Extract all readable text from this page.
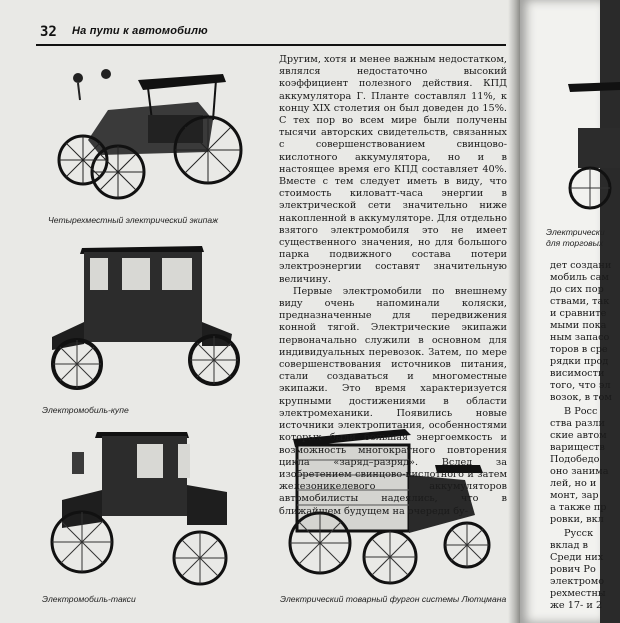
32 На пути к автомобилю
Четырехместный электрический экипаж
Электромобиль-купе
Электромобиль-такси	Электрический товарный фургон системы Лютцмана

Другим, хотя и менее важным недостатком, являлся недостаточно высокий коэффициент полезного действия. КПД аккумулятора Г. Планте составлял 11%, к концу XIX столетия он был доведен до 15%. С тех пор во всем мире были получены тысячи авторских свидетельств, связанных с совершенствованием свинцово-кислотного аккумулятора, но и в настоящее время его КПД составляет 40%. Вместе с тем следует иметь в виду, что стоимость киловатт-часа энергии в электрической сети значительно ниже накопленной в аккумуляторе. Для отдельно взятого электромобиля это не имеет существенного значения, но для большого парка подвижного состава потери электроэнергии составят значительную величину.

Первые электромобили по внешнему виду очень напоминали коляски, предназначенные для передвижения конной тягой. Электрические экипажи первоначально служили в основном для индивидуальных перевозок. Затем, по мере совершенствования источников питания, стали создаваться и многоместные экипажи. Это время характеризуется крупными достижениями в области электромеханики. Появились новые источники электропитания, особенностями которых были большая энергоемкость и возможность многократного повторения цикла «заряд–разряд». Вслед за изобретением свинцово-кислотного и затем железоникелевого аккумуляторов автомобилисты надеялись, что в ближайшем будущем на очереди бу-

Электрически
для торговых
дет создани
мобиль сам
до сих пор
ствами, так
и сравните
мыми пока
ным запасо
торов в сре
рядки прод
висимости
того, что эл
возок, в том
В Росс
ства разли
ские автом
вариществ
Подобедо
оно занима
лей, но и
монт, зар
а также пр
ровки, вкл
Русск
вклад в
Среди них
рович Ро
электромо
рехместны
же 17- и 2
